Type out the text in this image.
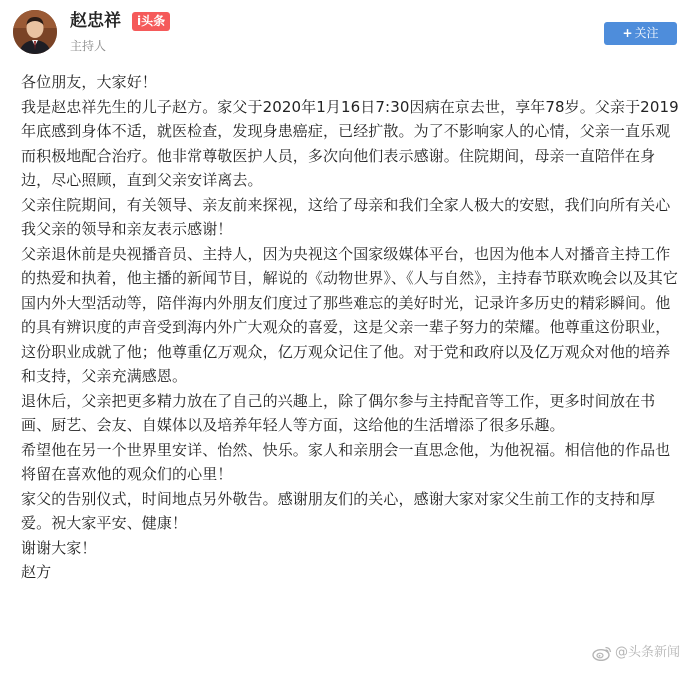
赵忠祥	i头条
主持人
+ 关注

各位朋友，大家好！

我是赵忠祥先生的儿子赵方。家父于2020年1月16日7:30因病在京去世，享年78岁。父亲于2019年底感到身体不适，就医检查，发现身患癌症，已经扩散。为了不影响家人的心情，父亲一直乐观而积极地配合治疗。他非常尊敬医护人员，多次向他们表示感谢。住院期间，母亲一直陪伴在身边，尽心照顾，直到父亲安详离去。

父亲住院期间，有关领导、亲友前来探视，这给了母亲和我们全家人极大的安慰，我们向所有关心我父亲的领导和亲友表示感谢！

父亲退休前是央视播音员、主持人，因为央视这个国家级媒体平台，也因为他本人对播音主持工作的热爱和执着，他主播的新闻节目，解说的《动物世界》、《人与自然》，主持春节联欢晚会以及其它国内外大型活动等，陪伴海内外朋友们度过了那些难忘的美好时光，记录许多历史的精彩瞬间。他的具有辨识度的声音受到海内外广大观众的喜爱，这是父亲一辈子努力的荣耀。他尊重这份职业，这份职业成就了他；他尊重亿万观众，亿万观众记住了他。对于党和政府以及亿万观众对他的培养和支持，父亲充满感恩。

退休后，父亲把更多精力放在了自己的兴趣上，除了偶尔参与主持配音等工作，更多时间放在书画、厨艺、会友、自媒体以及培养年轻人等方面，这给他的生活增添了很多乐趣。

希望他在另一个世界里安详、怡然、快乐。家人和亲朋会一直思念他，为他祝福。相信他的作品也将留在喜欢他的观众们的心里！

家父的告别仪式，时间地点另外敬告。感谢朋友们的关心，感谢大家对家父生前工作的支持和厚爱。祝大家平安、健康！

谢谢大家！

赵方

@头条新闻
